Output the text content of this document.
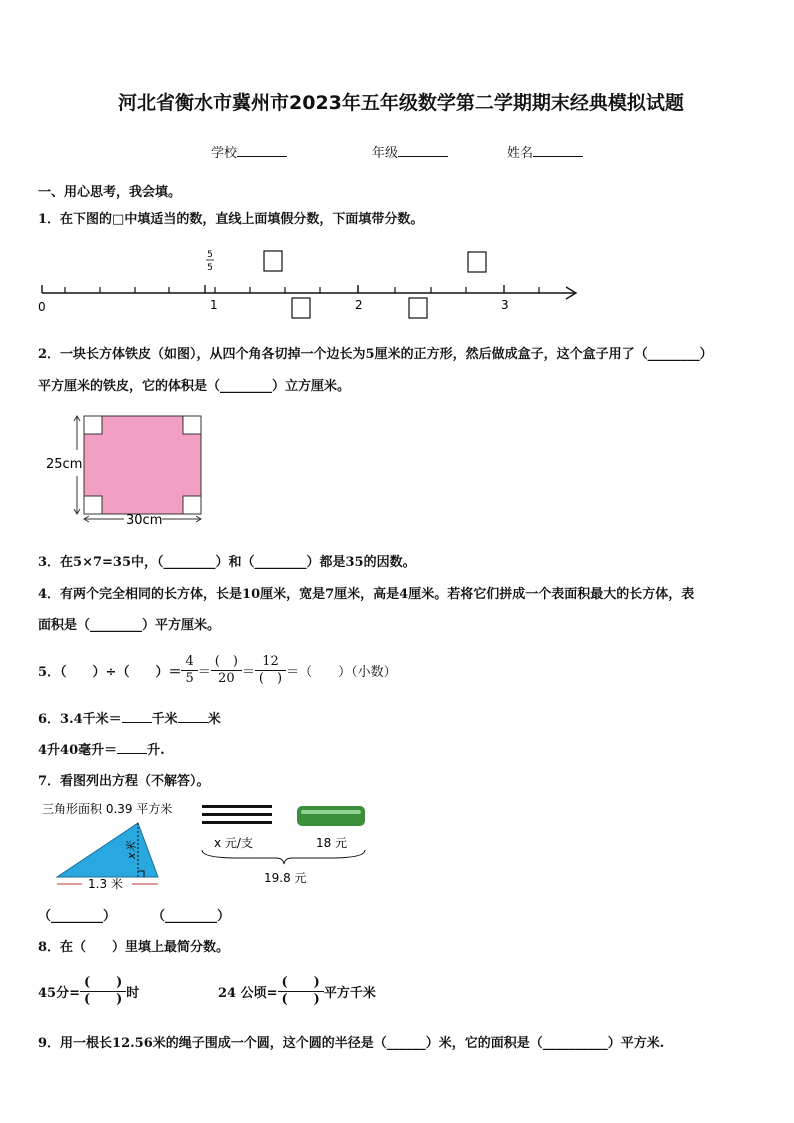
河北省衡水市冀州市2023年五年级数学第二学期期末经典模拟试题
学校	年级	姓名
一、用心思考，我会填。
1．在下图的□中填适当的数，直线上面填假分数，下面填带分数。
0	1	2	3
5
5
2．一块长方体铁皮（如图），从四个角各切掉一个边长为5厘米的正方形，然后做成盒子，这个盒子用了（________）
平方厘米的铁皮，它的体积是（________）立方厘米。
25cm
30cm
3．在5×7=35中，（________）和（________）都是35的因数。
4．有两个完全相同的长方体，长是10厘米，宽是7厘米，高是4厘米。若将它们拼成一个表面积最大的长方体，表
面积是（________）平方厘米。
5．（　　）÷（　　）＝ $\frac{4}{5} = \frac{( )}{20} = \frac{12}{( )}$ ＝（　　）（小数）
6．3.4千米＝ 千米 米
4升40毫升＝ 升.
7．看图列出方程（不解答）。
三角形面积 0.39 平方米
x米
1.3 米
x 元/支	18 元
19.8 元
（________）	（________）
8．在（　　）里填上最简分数。
45分= $\frac{( )}{( )}$ 时	24 公顷= $\frac{( )}{( )}$ 平方千米
9．用一根长12.56米的绳子围成一个圆，这个圆的半径是（______）米，它的面积是（__________）平方米.
